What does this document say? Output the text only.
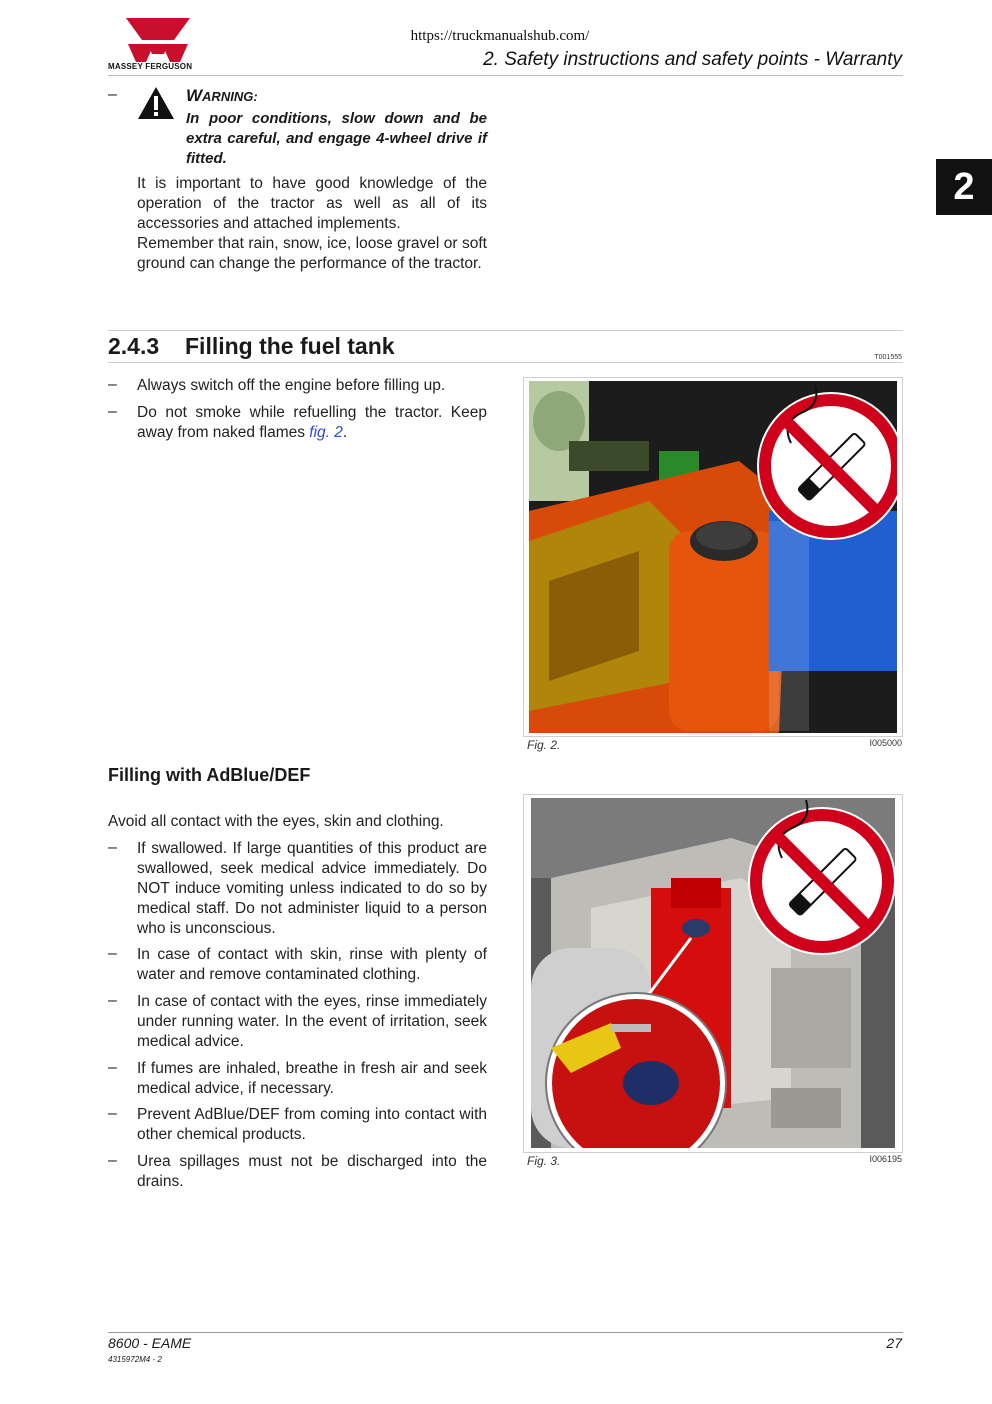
MASSEY FERGUSON
https://truckmanualshub.com/
2. Safety instructions and safety points - Warranty
2
–	WARNING:
In poor conditions, slow down and be extra careful, and engage 4-wheel drive if fitted.
It is important to have good knowledge of the operation of the tractor as well as all of its accessories and attached implements.
Remember that rain, snow, ice, loose gravel or soft ground can change the performance of the tractor.
2.4.3 Filling the fuel tank	T001555
– Always switch off the engine before filling up.
– Do not smoke while refuelling the tractor. Keep away from naked flames fig. 2.
Fig. 2.	I005000
Filling with AdBlue/DEF
Avoid all contact with the eyes, skin and clothing.
– If swallowed. If large quantities of this product are swallowed, seek medical advice immediately. Do NOT induce vomiting unless indicated to do so by medical staff. Do not administer liquid to a person who is unconscious.
– In case of contact with skin, rinse with plenty of water and remove contaminated clothing.
– In case of contact with the eyes, rinse immediately under running water. In the event of irritation, seek medical advice.
– If fumes are inhaled, breathe in fresh air and seek medical advice, if necessary.
– Prevent AdBlue/DEF from coming into contact with other chemical products.
– Urea spillages must not be discharged into the drains.
Fig. 3.	I006195
8600 - EAME	27
4315972M4 - 2
